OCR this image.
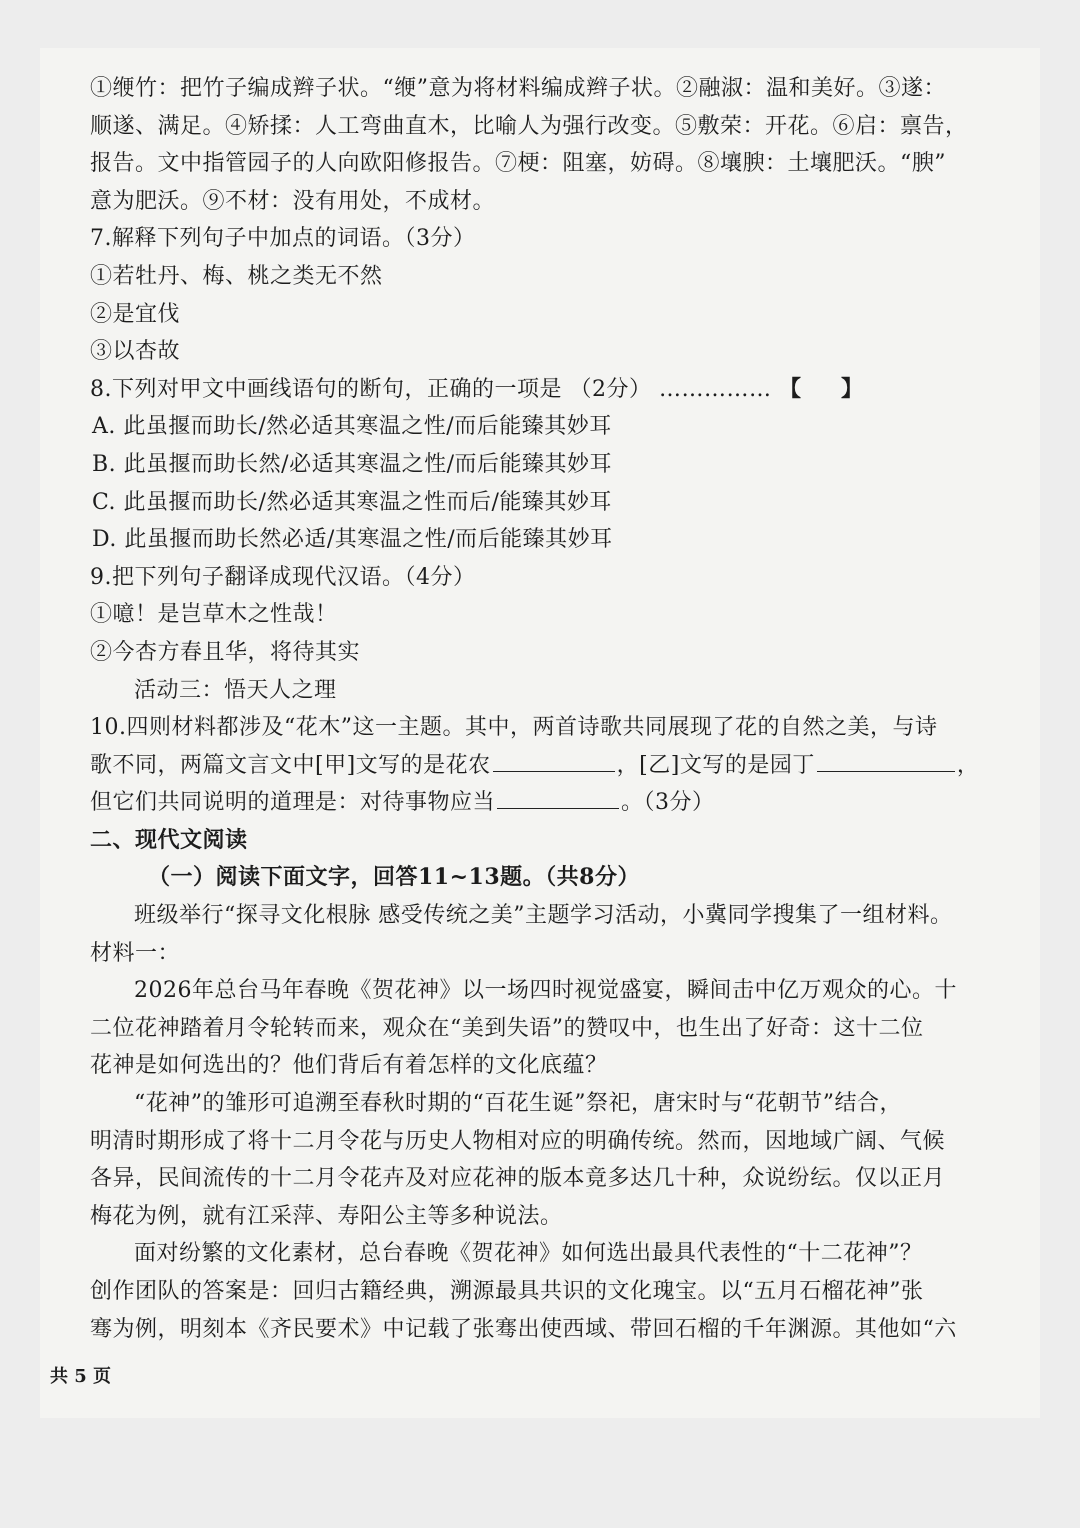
①缏竹：把竹子编成辫子状。“缏”意为将材料编成辫子状。②融淑：温和美好。③遂：
顺遂、满足。④矫揉：人工弯曲直木，比喻人为强行改变。⑤敷荣：开花。⑥启：禀告，
报告。文中指管园子的人向欧阳修报告。⑦梗：阻塞，妨碍。⑧壤腴：土壤肥沃。“腴”
意为肥沃。⑨不材：没有用处，不成材。
7.解释下列句子中加点的词语。（3分）
①若牡丹、梅、桃之类无不然
②是宜伐
③以杏故
8.下列对甲文中画线语句的断句，正确的一项是 （2分） …………… 【 】
A. 此虽揠而助长/然必适其寒温之性/而后能臻其妙耳
B. 此虽揠而助长然/必适其寒温之性/而后能臻其妙耳
C. 此虽揠而助长/然必适其寒温之性而后/能臻其妙耳
D. 此虽揠而助长然必适/其寒温之性/而后能臻其妙耳
9.把下列句子翻译成现代汉语。（4分）
①噫！是岂草木之性哉！
②今杏方春且华，将待其实
活动三：悟天人之理
10.四则材料都涉及“花木”这一主题。其中，两首诗歌共同展现了花的自然之美，与诗
歌不同，两篇文言文中[甲]文写的是花农	，[乙]文写的是园丁	，
但它们共同说明的道理是：对待事物应当	。（3分）
二、现代文阅读
（一）阅读下面文字，回答11~13题。（共8分）
班级举行“探寻文化根脉 感受传统之美”主题学习活动，小冀同学搜集了一组材料。
材料一：
2026年总台马年春晚《贺花神》以一场四时视觉盛宴，瞬间击中亿万观众的心。十
二位花神踏着月令轮转而来，观众在“美到失语”的赞叹中，也生出了好奇：这十二位
花神是如何选出的？他们背后有着怎样的文化底蕴？
“花神”的雏形可追溯至春秋时期的“百花生诞”祭祀，唐宋时与“花朝节”结合，
明清时期形成了将十二月令花与历史人物相对应的明确传统。然而，因地域广阔、气候
各异，民间流传的十二月令花卉及对应花神的版本竟多达几十种，众说纷纭。仅以正月
梅花为例，就有江采萍、寿阳公主等多种说法。
面对纷繁的文化素材，总台春晚《贺花神》如何选出最具代表性的“十二花神”？
创作团队的答案是：回归古籍经典，溯源最具共识的文化瑰宝。以“五月石榴花神”张
骞为例，明刻本《齐民要术》中记载了张骞出使西域、带回石榴的千年渊源。其他如“六
共 5 页
